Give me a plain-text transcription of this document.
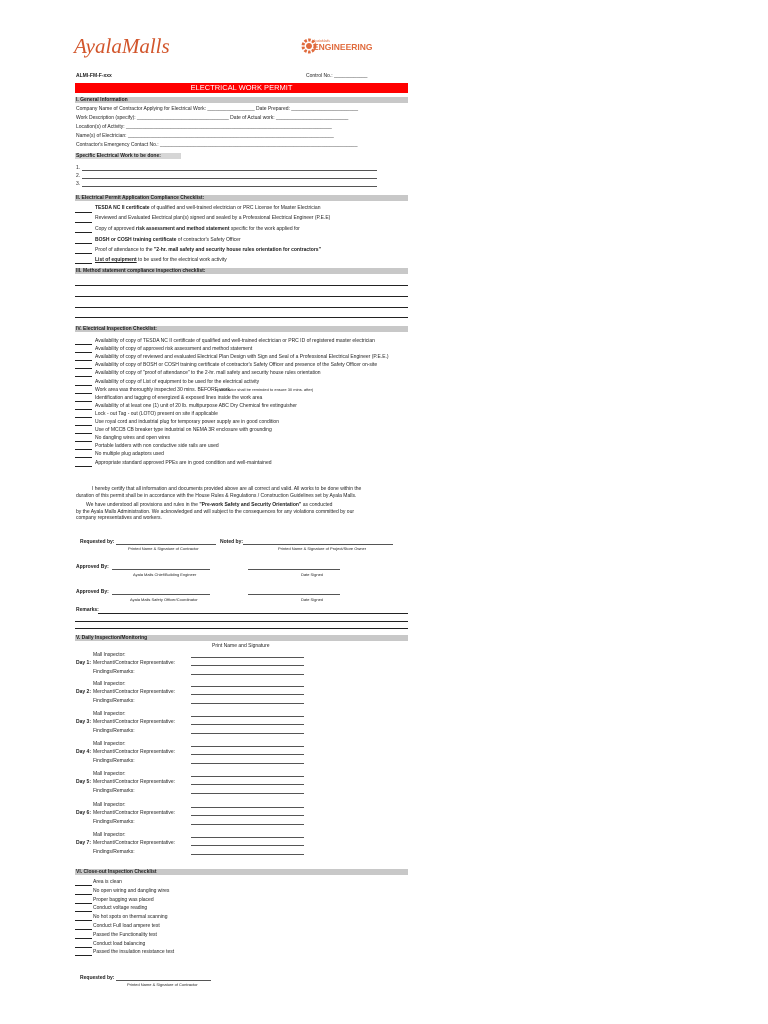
AyalaMalls	AyalaMalls
ENGINEERING
ALMI-FM-F-xxx	Control No.: ____________
ELECTRICAL WORK PERMIT
I. General Information
Company Name of Contractor Applying for Electrical Work: _________________ Date Prepared: ________________________
Work Description (specify): _________________________________ Date of Actual work: __________________________
Location(s) of Activity: __________________________________________________________________________
Name(s) of Electrician: __________________________________________________________________________
Contractor's Emergency Contact No.: _______________________________________________________________________
Specific Electrical Work to be done:
1.
2.
3.
II. Electrical Permit Application Compliance Checklist:
TESDA NC II certificate of qualified and well-trained electrician or PRC License for Master Electrician
Reviewed and Evaluated Electrical plan(s) signed and sealed by a Professional Electrical Engineer (P.E.E)
Copy of approved risk assessment and method statement specific for the work applied for
BOSH or COSH training certificate of contractor's Safety Officer
Proof of attendance to the "2-hr. mall safety and security house rules orientation for contractors"
List of equipment to be used for the electrical work activity
III. Method statement compliance inspection checklist:
IV. Electrical Inspection Checklist:
Availability of copy of TESDA NC II certificate of qualified and well-trained electrician or PRC ID of registered master electrician
Availability of copy of approved risk assessment and method statement
Availability of copy of reviewed and evaluated Electrical Plan Design with Sign and Seal of a Professional Electrical Engineer (P.E.E.)
Availability of copy of BOSH or COSH training certificate of contractor's Safety Officer and presence of the Safety Officer on-site
Availability of copy of "proof of attendance" to the 2-hr. mall safety and security house rules orientation
Availability of copy of List of equipment to be used for the electrical activity
Work area was thoroughly inspected 30 mins. BEFORE work.
(contractor shall be reminded to ensure 30 mins. after)
Identification and tagging of energized & exposed lines inside the work area
Availability of at least one (1) unit of 20 lb. multipurpose ABC Dry Chemical fire extinguisher
Lock - out Tag - out (LOTO) present on site if applicable
Use royal cord and industrial plug for temporary power supply are in good condition
Use of MCCB CB breaker type industrial on NEMA 3R enclosure with grounding
No dangling wires and open wires
Portable ladders with non conductive side rails are used
No multiple plug adaptors used
Appropriate standard approved PPEs are in good condition and well-maintained
I hereby certify that all information and documents provided above are all correct and valid. All works to be done within the
duration of this permit shall be in accordance with the House Rules & Regulations / Construction Guidelines set by Ayala Malls.
We have understood all provisions and rules in the "Pre-work Safety and Security Orientation" as conducted
by the Ayala Malls Administration. We acknowledged and will subject to the consequences for any violations committed by our
company representatives and workers.
Requested by:
Printed Name & Signature of Contractor
Noted by:
Printed Name & Signature of Project/Store Owner
Approved By:
Ayala Malls Chief/Building Engineer	Date Signed
Approved By:
Ayala Malls Safety Officer/Coordinator	Date Signed
Remarks:
V. Daily Inspection/Monitoring
Print Name and Signature
Day 1:
Mall Inspector:
Merchant/Contractor Representative:
Findings/Remarks:
Day 2:
Mall Inspector:
Merchant/Contractor Representative:
Findings/Remarks:
Day 3:
Mall Inspector:
Merchant/Contractor Representative:
Findings/Remarks:
Day 4:
Mall Inspector:
Merchant/Contractor Representative:
Findings/Remarks:
Day 5:
Mall Inspector:
Merchant/Contractor Representative:
Findings/Remarks:
Day 6:
Mall Inspector:
Merchant/Contractor Representative:
Findings/Remarks:
Day 7:
Mall Inspector:
Merchant/Contractor Representative:
Findings/Remarks:
VI. Close-out Inspection Checklist
Area is clean
No open wiring and dangling wires
Proper bagging was placed
Conduct voltage reading
No hot spots on thermal scanning
Conduct Full load ampere test
Passed the Functionality test
Conduct load balancing
Passed the insulation resistance test
Requested by:
Printed Name & Signature of Contractor
